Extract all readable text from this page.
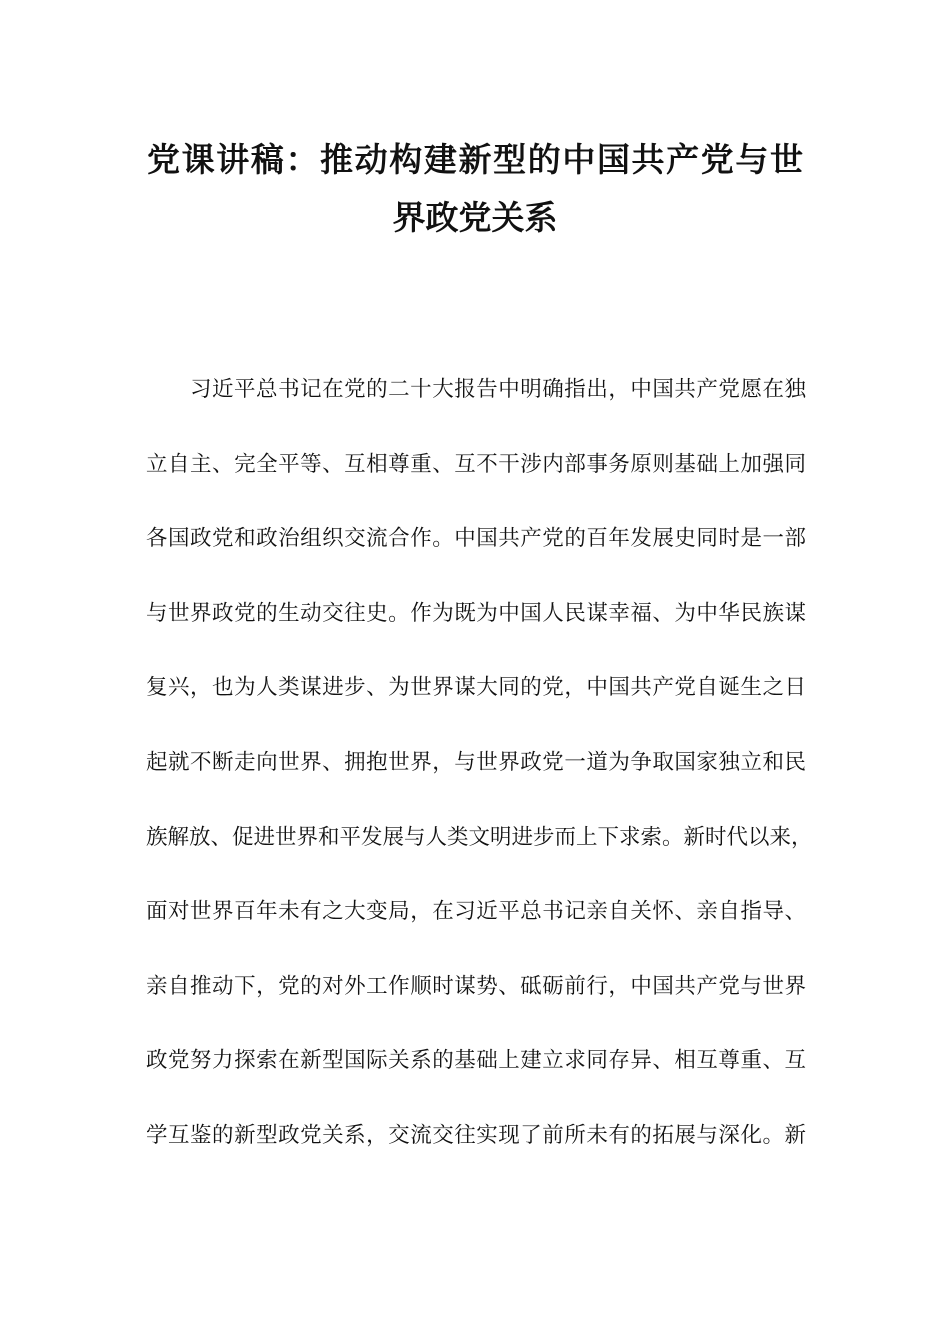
党课讲稿：推动构建新型的中国共产党与世
界政党关系
习近平总书记在党的二十大报告中明确指出，中国共产党愿在独
立自主、完全平等、互相尊重、互不干涉内部事务原则基础上加强同
各国政党和政治组织交流合作。中国共产党的百年发展史同时是一部
与世界政党的生动交往史。作为既为中国人民谋幸福、为中华民族谋
复兴，也为人类谋进步、为世界谋大同的党，中国共产党自诞生之日
起就不断走向世界、拥抱世界，与世界政党一道为争取国家独立和民
族解放、促进世界和平发展与人类文明进步而上下求索。新时代以来，
面对世界百年未有之大变局，在习近平总书记亲自关怀、亲自指导、
亲自推动下，党的对外工作顺时谋势、砥砺前行，中国共产党与世界
政党努力探索在新型国际关系的基础上建立求同存异、相互尊重、互
学互鉴的新型政党关系，交流交往实现了前所未有的拓展与深化。新
